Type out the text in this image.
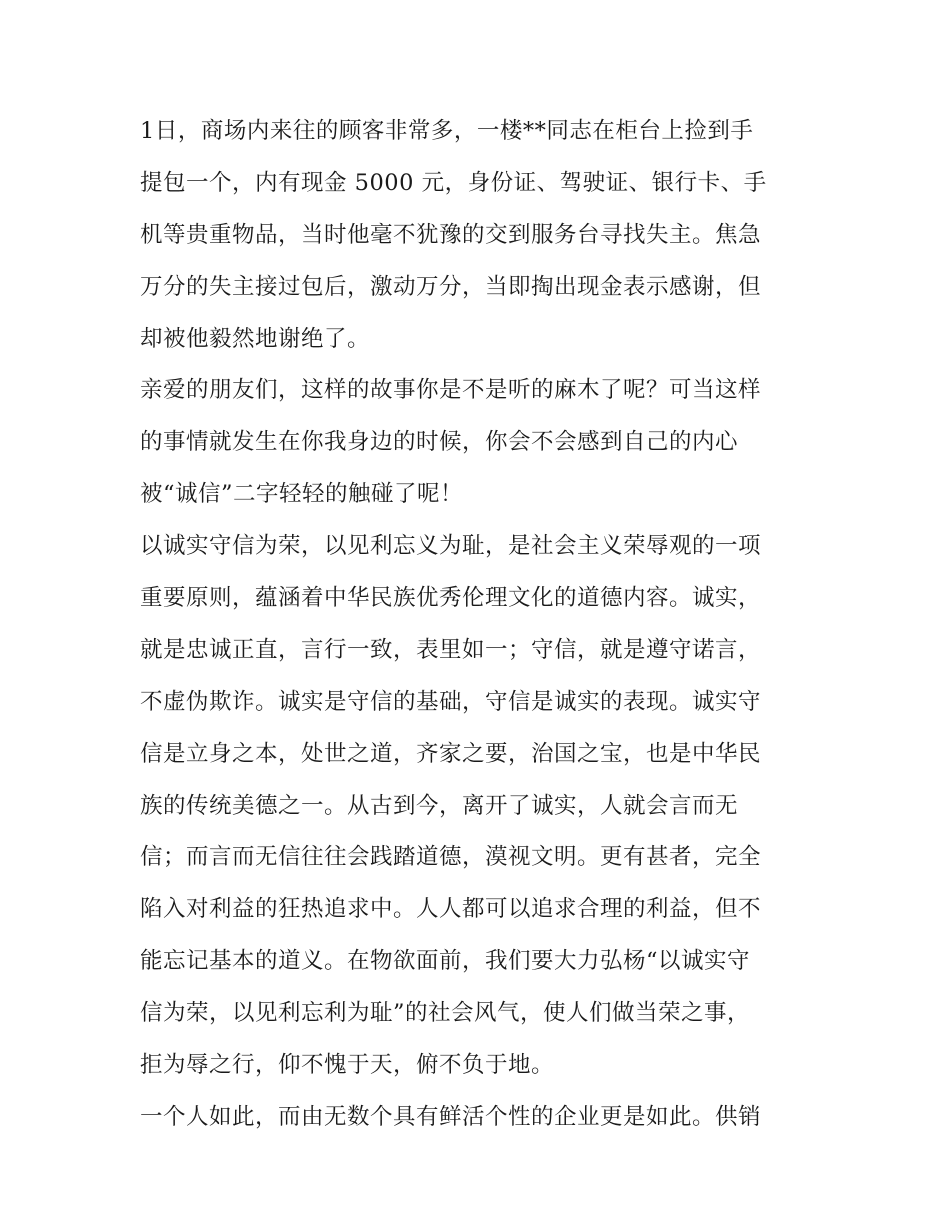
1日，商场内来往的顾客非常多，一楼**同志在柜台上捡到手
提包一个，内有现金 5000 元，身份证、驾驶证、银行卡、手
机等贵重物品，当时他毫不犹豫的交到服务台寻找失主。焦急
万分的失主接过包后，激动万分，当即掏出现金表示感谢，但
却被他毅然地谢绝了。
亲爱的朋友们，这样的故事你是不是听的麻木了呢？可当这样
的事情就发生在你我身边的时候，你会不会感到自己的内心
被“诚信”二字轻轻的触碰了呢！
以诚实守信为荣，以见利忘义为耻，是社会主义荣辱观的一项
重要原则，蕴涵着中华民族优秀伦理文化的道德内容。诚实，
就是忠诚正直，言行一致，表里如一；守信，就是遵守诺言，
不虚伪欺诈。诚实是守信的基础，守信是诚实的表现。诚实守
信是立身之本，处世之道，齐家之要，治国之宝，也是中华民
族的传统美德之一。从古到今，离开了诚实，人就会言而无
信；而言而无信往往会践踏道德，漠视文明。更有甚者，完全
陷入对利益的狂热追求中。人人都可以追求合理的利益，但不
能忘记基本的道义。在物欲面前，我们要大力弘杨“以诚实守
信为荣，以见利忘利为耻”的社会风气，使人们做当荣之事，
拒为辱之行，仰不愧于天，俯不负于地。
一个人如此，而由无数个具有鲜活个性的企业更是如此。供销
